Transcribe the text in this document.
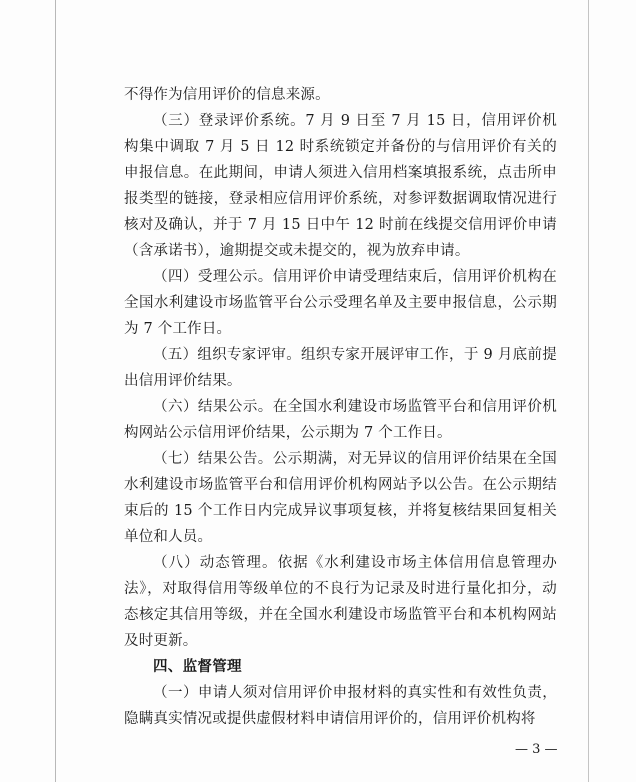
不得作为信用评价的信息来源。

（三）登录评价系统。7 月 9 日至 7 月 15 日，信用评价机构集中调取 7 月 5 日 12 时系统锁定并备份的与信用评价有关的申报信息。在此期间，申请人须进入信用档案填报系统，点击所申报类型的链接，登录相应信用评价系统，对参评数据调取情况进行核对及确认，并于 7 月 15 日中午 12 时前在线提交信用评价申请（含承诺书），逾期提交或未提交的，视为放弃申请。

（四）受理公示。信用评价申请受理结束后，信用评价机构在全国水利建设市场监管平台公示受理名单及主要申报信息，公示期为 7 个工作日。

（五）组织专家评审。组织专家开展评审工作，于 9 月底前提出信用评价结果。

（六）结果公示。在全国水利建设市场监管平台和信用评价机构网站公示信用评价结果，公示期为 7 个工作日。

（七）结果公告。公示期满，对无异议的信用评价结果在全国水利建设市场监管平台和信用评价机构网站予以公告。在公示期结束后的 15 个工作日内完成异议事项复核，并将复核结果回复相关单位和人员。

（八）动态管理。依据《水利建设市场主体信用信息管理办法》，对取得信用等级单位的不良行为记录及时进行量化扣分，动态核定其信用等级，并在全国水利建设市场监管平台和本机构网站及时更新。

四、监督管理

（一）申请人须对信用评价申报材料的真实性和有效性负责，隐瞒真实情况或提供虚假材料申请信用评价的，信用评价机构将

— 3 —
